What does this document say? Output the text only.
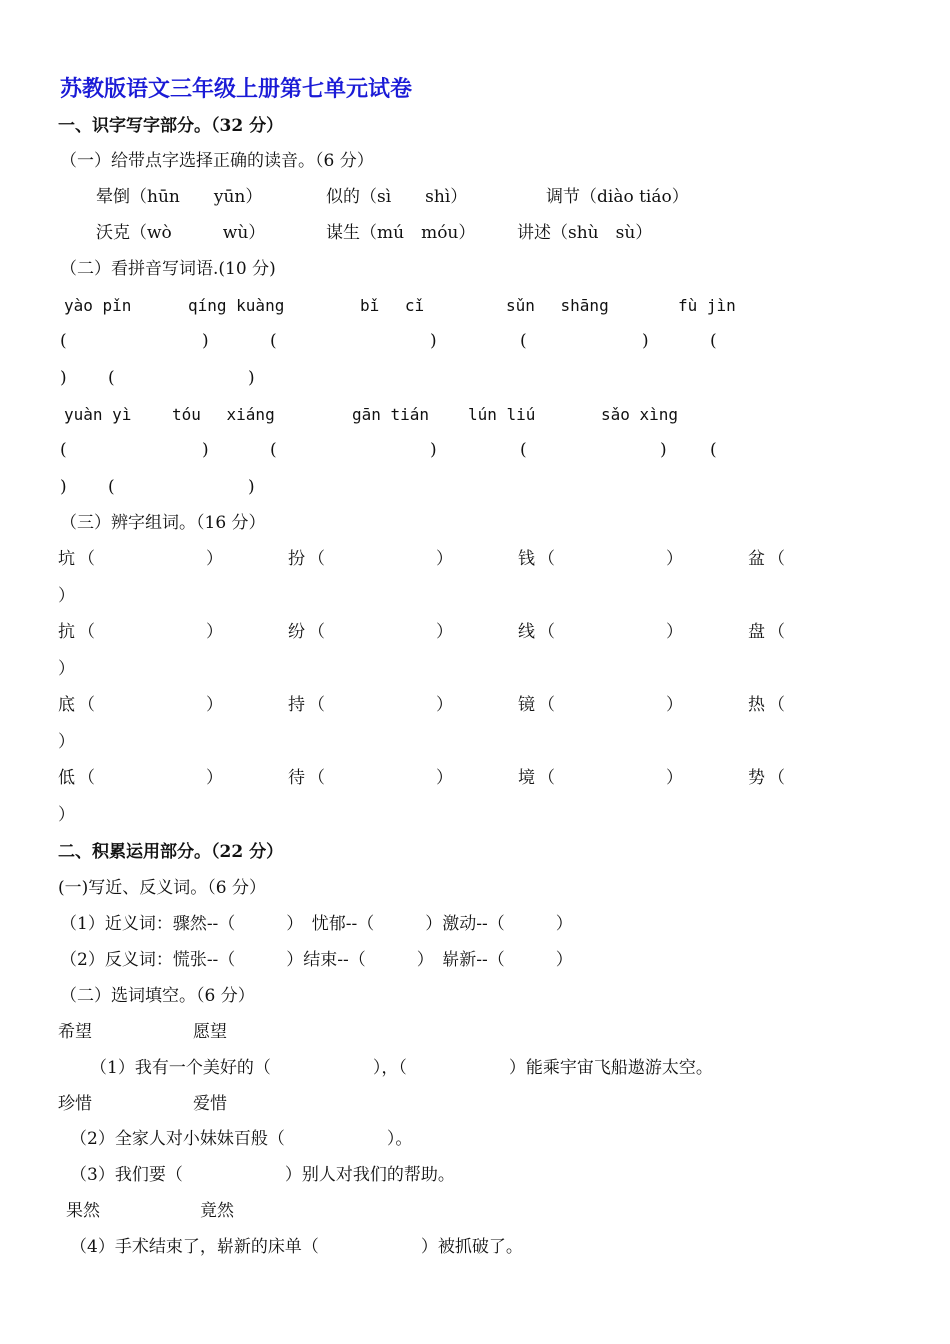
苏教版语文三年级上册第七单元试卷
一、识字写字部分。（32 分）
（一）给带点字选择正确的读音。（6 分）
晕倒（hūn　　yūn）	似的（sì　　shì）	调节（diào tiáo）
沃克（wò　　　wù）	谋生（mú　móu） 讲述（shù　sù）
（二）看拼音写词语.(10 分)
yào pǐn	qíng kuàng	bǐ　 cǐ	sǔn　 shāng	fù jìn
(	)	(	)	(	)	(
) (	)
yuàn yì	tóu　 xiáng	gān tián lún liú	sǎo xìng
(	)	(	)	(	)	(
) (	)
（三）辨字组词。（16 分）
坑 （	）	扮 （	）	钱 （	）	盆 （
）
抗 （	）	纷 （	）	线 （	）	盘 （
）
底 （	）	持 （	）	镜 （	）	热 （
）
低 （	）	待 （	）	境 （	）	势 （
）
二、积累运用部分。（22 分）
(一)写近、反义词。（6 分）
（1）近义词：骤然--（　　　）　忧郁--（　　　）激动--（　　　）
（2）反义词：慌张--（　　　）结束--（　　　）　崭新--（　　　）
（二）选词填空。（6 分）
希望	愿望
（1）我有一个美好的（　　　　　　），（　　　　　　）能乘宇宙飞船遨游太空。
珍惜	爱惜
（2）全家人对小妹妹百般（　　　　　　）。
（3）我们要（　　　　　　）别人对我们的帮助。
果然	竟然
（4）手术结束了，崭新的床单（　　　　　　）被抓破了。
